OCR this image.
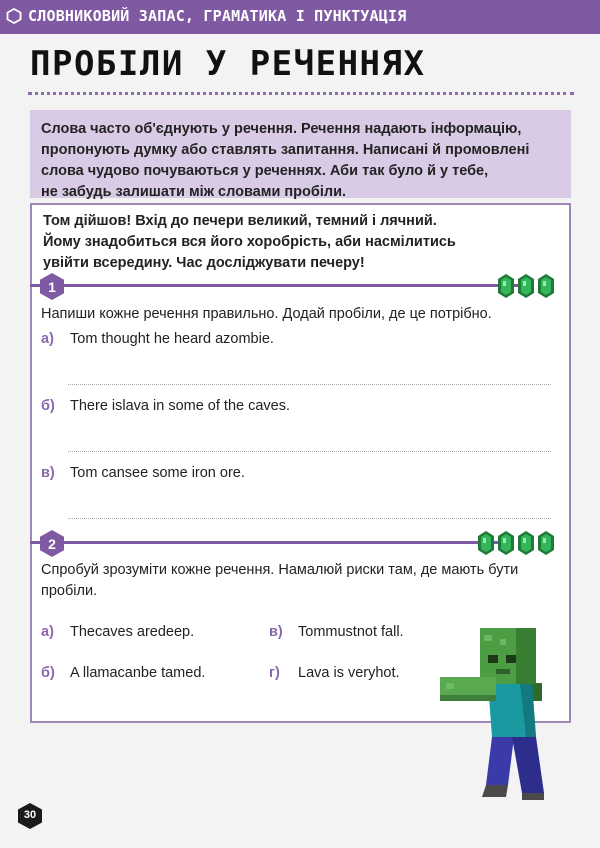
СЛОВНИКОВИЙ ЗАПАС, ГРАМАТИКА І ПУНКТУАЦІЯ
ПРОБІЛИ У РЕЧЕННЯХ
Слова часто об'єднують у речення. Речення надають інформацію,
пропонують думку або ставлять запитання. Написані й промовлені
слова чудово почуваються у реченнях. Аби так було й у тебе,
не забудь залишати між словами пробіли.
Том дійшов! Вхід до печери великий, темний і лячний.
Йому знадобиться вся його хоробрість, аби насмілитись
увійти всередину. Час досліджувати печеру!
1
Напиши кожне речення правильно. Додай пробіли, де це потрібно.
а) Tom thought he heard azombie.
б) There islava in some of the caves.
в) Tom cansee some iron ore.
2
Спробуй зрозуміти кожне речення. Намалюй риски там, де мають бути
пробіли.
а) Thecaves aredeep.	в) Tommustnot fall.
б) A llamacanbe tamed.	г) Lava is veryhot.
30
